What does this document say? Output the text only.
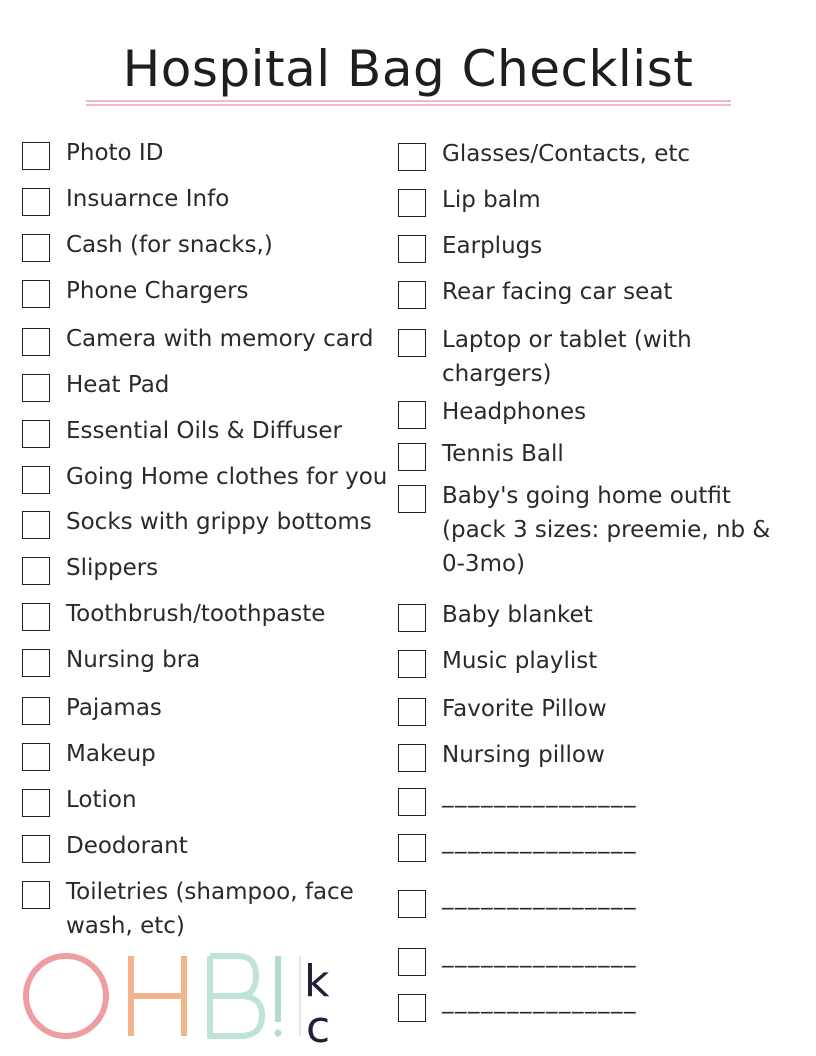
Hospital Bag Checklist
Photo ID
Insuarnce Info
Cash (for snacks,)
Phone Chargers
Camera with memory card
Heat Pad
Essential Oils & Diffuser
Going Home clothes for you
Socks with grippy bottoms
Slippers
Toothbrush/toothpaste
Nursing bra
Pajamas
Makeup
Lotion
Deodorant
Toiletries (shampoo, face wash, etc)
Glasses/Contacts, etc
Lip balm
Earplugs
Rear facing car seat
Laptop or tablet (with chargers)
Headphones
Tennis Ball
Baby's going home outfit (pack 3 sizes: preemie, nb & 0-3mo)
Baby blanket
Music playlist
Favorite Pillow
Nursing pillow
_______________
_______________
_______________
_______________
_______________
k
c
